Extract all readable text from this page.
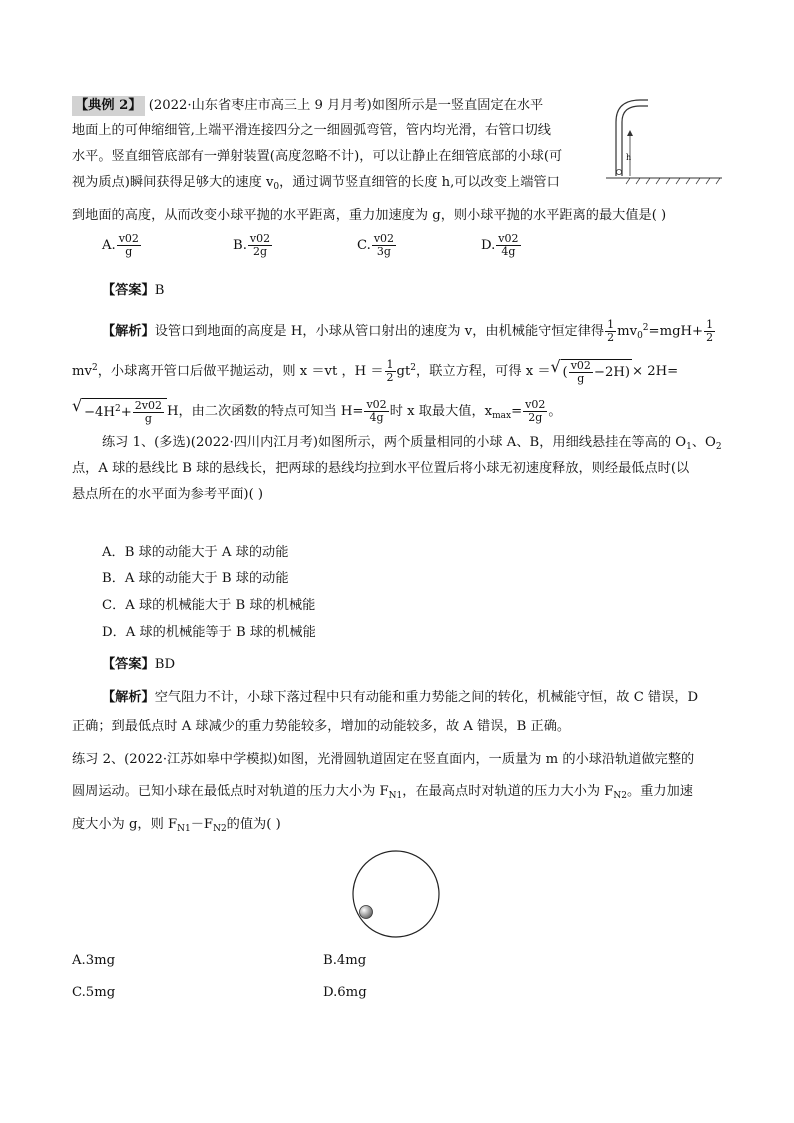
【典例 2】 (2022·山东省枣庄市高三上 9 月月考)如图所示是一竖直固定在水平
地面上的可伸缩细管,上端平滑连接四分之一细圆弧弯管，管内均光滑，右管口切线
水平。竖直细管底部有一弹射装置(高度忽略不计)，可以让静止在细管底部的小球(可
视为质点)瞬间获得足够大的速度 $v_0$，通过调节竖直细管的长度 h,可以改变上端管口
到地面的高度，从而改变小球平抛的水平距离，重力加速度为 g，则小球平抛的水平距离的最大值是( )
h
A. $\frac{v02}{g}$	B. $\frac{v02}{2g}$	C. $\frac{v02}{3g}$	D. $\frac{v02}{4g}$
【答案】B
【解析】设管口到地面的高度是 H，小球从管口射出的速度为 v，由机械能守恒定律得 $\frac{1}{2} mv_0^2=mgH+ \frac{1}{2}$
$mv^2$，小球离开管口后做平抛运动，则 x ＝vt ，$H = \frac{1}{2} gt^2$，联立方程，可得 x ＝√ ( $\frac{v02}{g} -2H) \times 2H=$
√ $-4H^2+ \frac{2v02}{g}$ H，由二次函数的特点可知当 $H= \frac{v02}{4g}$ 时 x 取最大值，$x_{max}= \frac{v02}{2g}$ 。
练习 1、(多选)(2022·四川内江月考)如图所示，两个质量相同的小球 A、B，用细线悬挂在等高的 $O_1$、$O_2$
点，A 球的悬线比 B 球的悬线长，把两球的悬线均拉到水平位置后将小球无初速度释放，则经最低点时(以
悬点所在的水平面为参考平面)( )
A．B 球的动能大于 A 球的动能
B．A 球的动能大于 B 球的动能
C．A 球的机械能大于 B 球的机械能
D．A 球的机械能等于 B 球的机械能
【答案】BD
【解析】空气阻力不计，小球下落过程中只有动能和重力势能之间的转化，机械能守恒，故 C 错误，D
正确；到最低点时 A 球减少的重力势能较多，增加的动能较多，故 A 错误，B 正确。
练习 2、(2022·江苏如皋中学模拟)如图，光滑圆轨道固定在竖直面内，一质量为 m 的小球沿轨道做完整的
圆周运动。已知小球在最低点时对轨道的压力大小为 $F_{N1}$，在最高点时对轨道的压力大小为 $F_{N2}$。重力加速
度大小为 g，则 $F_{N1}-F_{N2}$的值为( )
A.3mg	B.4mg
C.5mg	D.6mg
